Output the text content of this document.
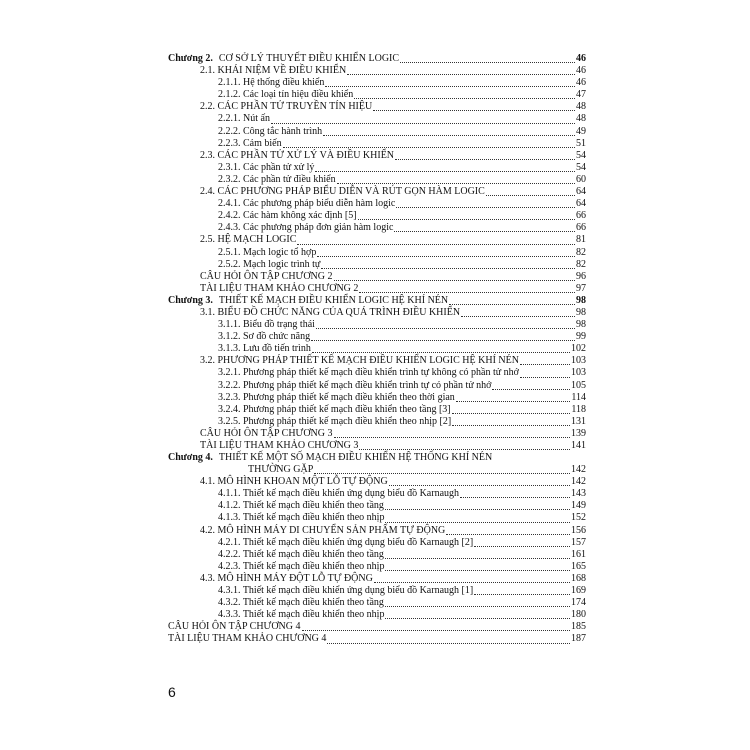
Chương 2. CƠ SỞ LÝ THUYẾT ĐIỀU KHIỂN LOGIC	46
2.1. KHÁI NIỆM VỀ ĐIỀU KHIỂN	46
2.1.1. Hệ thống điều khiển	46
2.1.2. Các loại tín hiệu điều khiển	47
2.2. CÁC PHẦN TỬ TRUYỀN TÍN HIỆU	48
2.2.1. Nút ấn	48
2.2.2. Công tắc hành trình	49
2.2.3. Cảm biến	51
2.3. CÁC PHẦN TỬ XỬ LÝ VÀ ĐIỀU KHIỂN	54
2.3.1. Các phần tử xử lý	54
2.3.2. Các phần tử điều khiển	60
2.4. CÁC PHƯƠNG PHÁP BIỂU DIỄN VÀ RÚT GỌN HÀM LOGIC	64
2.4.1. Các phương pháp biểu diễn hàm logic	64
2.4.2. Các hàm không xác định [5]	66
2.4.3. Các phương pháp đơn giản hàm logic	66
2.5. HỆ MẠCH LOGIC	81
2.5.1. Mạch logic tổ hợp	82
2.5.2. Mạch logic trình tự	82
CÂU HỎI ÔN TẬP CHƯƠNG 2	96
TÀI LIỆU THAM KHẢO CHƯƠNG 2	97
Chương 3. THIẾT KẾ MẠCH ĐIỀU KHIỂN LOGIC HỆ KHÍ NÉN	98
3.1. BIỂU ĐỒ CHỨC NĂNG CỦA QUÁ TRÌNH ĐIỀU KHIỂN	98
3.1.1. Biểu đồ trạng thái	98
3.1.2. Sơ đồ chức năng	99
3.1.3. Lưu đồ tiến trình	102
3.2. PHƯƠNG PHÁP THIẾT KẾ MẠCH ĐIỀU KHIỂN LOGIC HỆ KHÍ NÉN	103
3.2.1. Phương pháp thiết kế mạch điều khiển trình tự không có phần tử nhớ	103
3.2.2. Phương pháp thiết kế mạch điều khiển trình tự có phần tử nhớ	105
3.2.3. Phương pháp thiết kế mạch điều khiển theo thời gian	114
3.2.4. Phương pháp thiết kế mạch điều khiển theo tầng [3]	118
3.2.5. Phương pháp thiết kế mạch điều khiển theo nhịp [2]	131
CÂU HỎI ÔN TẬP CHƯƠNG 3	139
TÀI LIỆU THAM KHẢO CHƯƠNG 3	141
Chương 4. THIẾT KẾ MỘT SỐ MẠCH ĐIỀU KHIỂN HỆ THỐNG KHÍ NÉN
THƯỜNG GẶP	142
4.1. MÔ HÌNH KHOAN MỘT LỖ TỰ ĐỘNG	142
4.1.1. Thiết kế mạch điều khiển ứng dụng biểu đồ Karnaugh	143
4.1.2. Thiết kế mạch điều khiển theo tầng	149
4.1.3. Thiết kế mạch điều khiển theo nhịp	152
4.2. MÔ HÌNH MÁY DI CHUYỂN SẢN PHẨM TỰ ĐỘNG	156
4.2.1. Thiết kế mạch điều khiển ứng dụng biểu đồ Karnaugh [2]	157
4.2.2. Thiết kế mạch điều khiển theo tầng	161
4.2.3. Thiết kế mạch điều khiển theo nhịp	165
4.3. MÔ HÌNH MÁY ĐỘT LỖ TỰ ĐỘNG	168
4.3.1. Thiết kế mạch điều khiển ứng dụng biểu đồ Karnaugh [1]	169
4.3.2. Thiết kế mạch điều khiển theo tầng	174
4.3.3. Thiết kế mạch điều khiển theo nhịp	180
CÂU HỎI ÔN TẬP CHƯƠNG 4	185
TÀI LIỆU THAM KHẢO CHƯƠNG 4	187
6
